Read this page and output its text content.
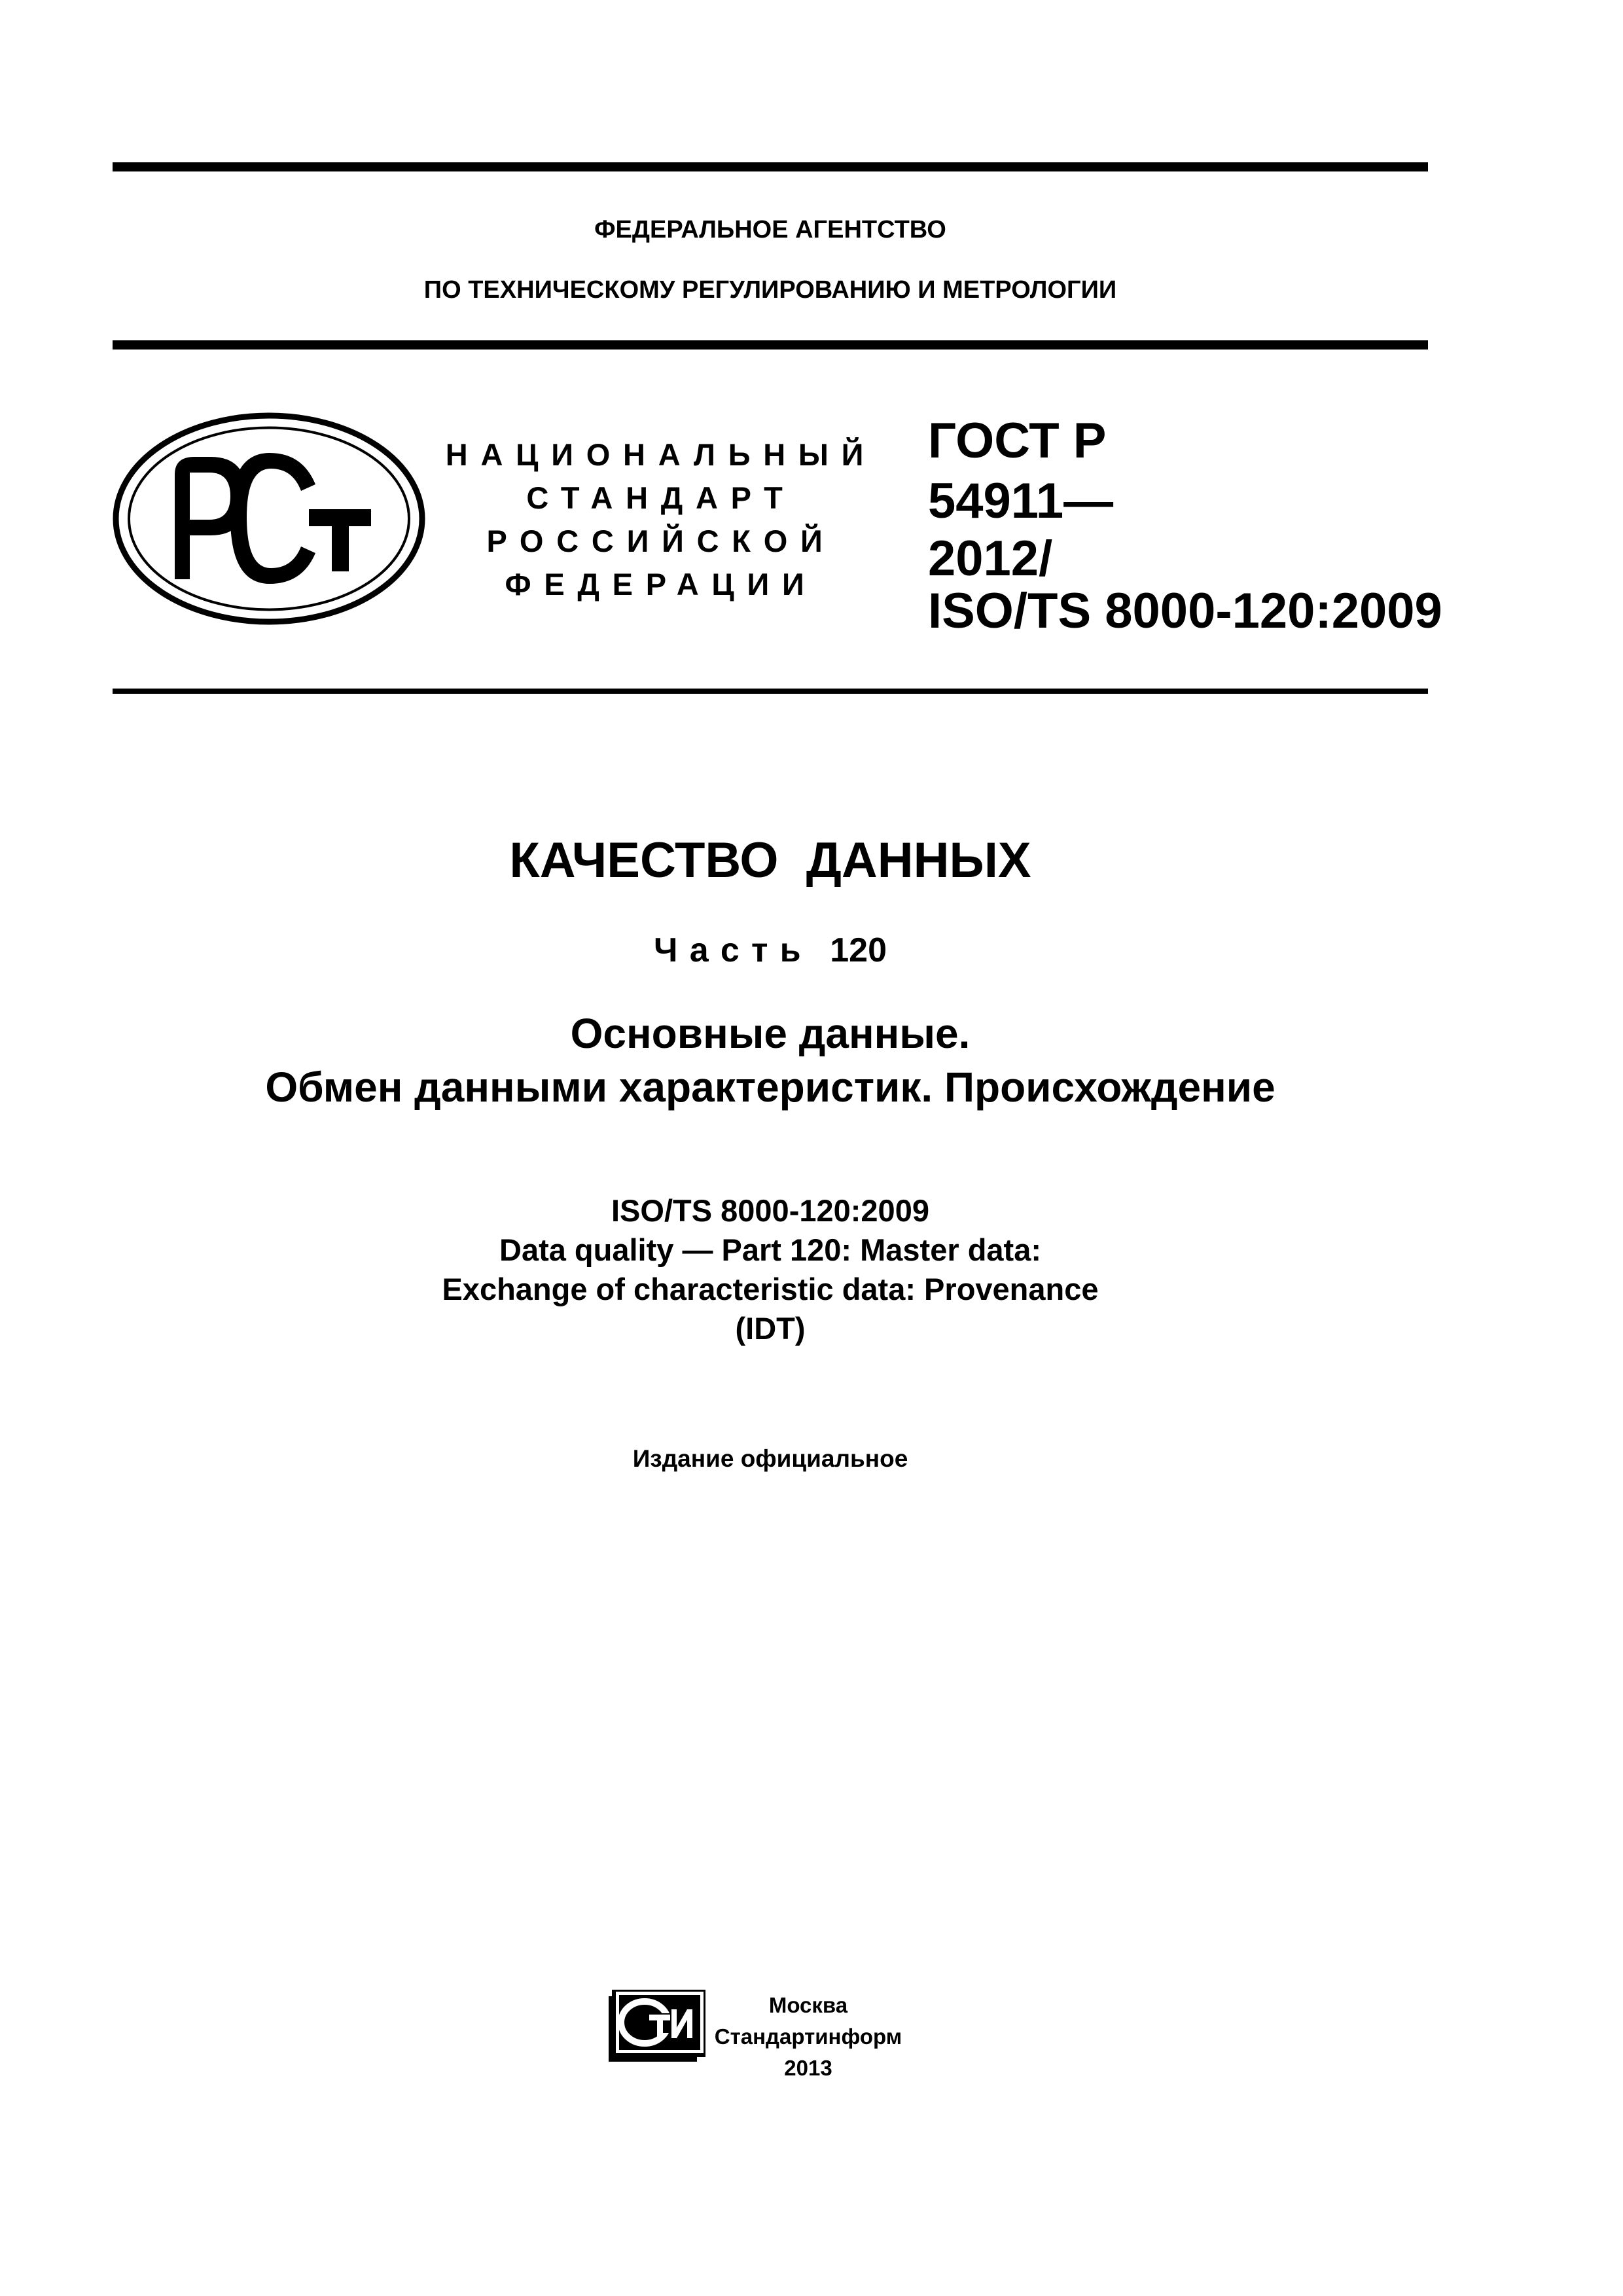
ФЕДЕРАЛЬНОЕ АГЕНТСТВО
ПО ТЕХНИЧЕСКОМУ РЕГУЛИРОВАНИЮ И МЕТРОЛОГИИ
НАЦИОНАЛЬНЫЙ
СТАНДАРТ
РОССИЙСКОЙ
ФЕДЕРАЦИИ
ГОСТ Р
54911—
2012/
ISO/TS 8000-120:2009
КАЧЕСТВО  ДАННЫХ
Часть 120
Основные данные.
Обмен данными характеристик. Происхождение
ISO/TS 8000-120:2009
Data quality — Part 120: Master data:
Exchange of characteristic data: Provenance
(IDT)
Издание официальное
Москва
Стандартинформ
2013
